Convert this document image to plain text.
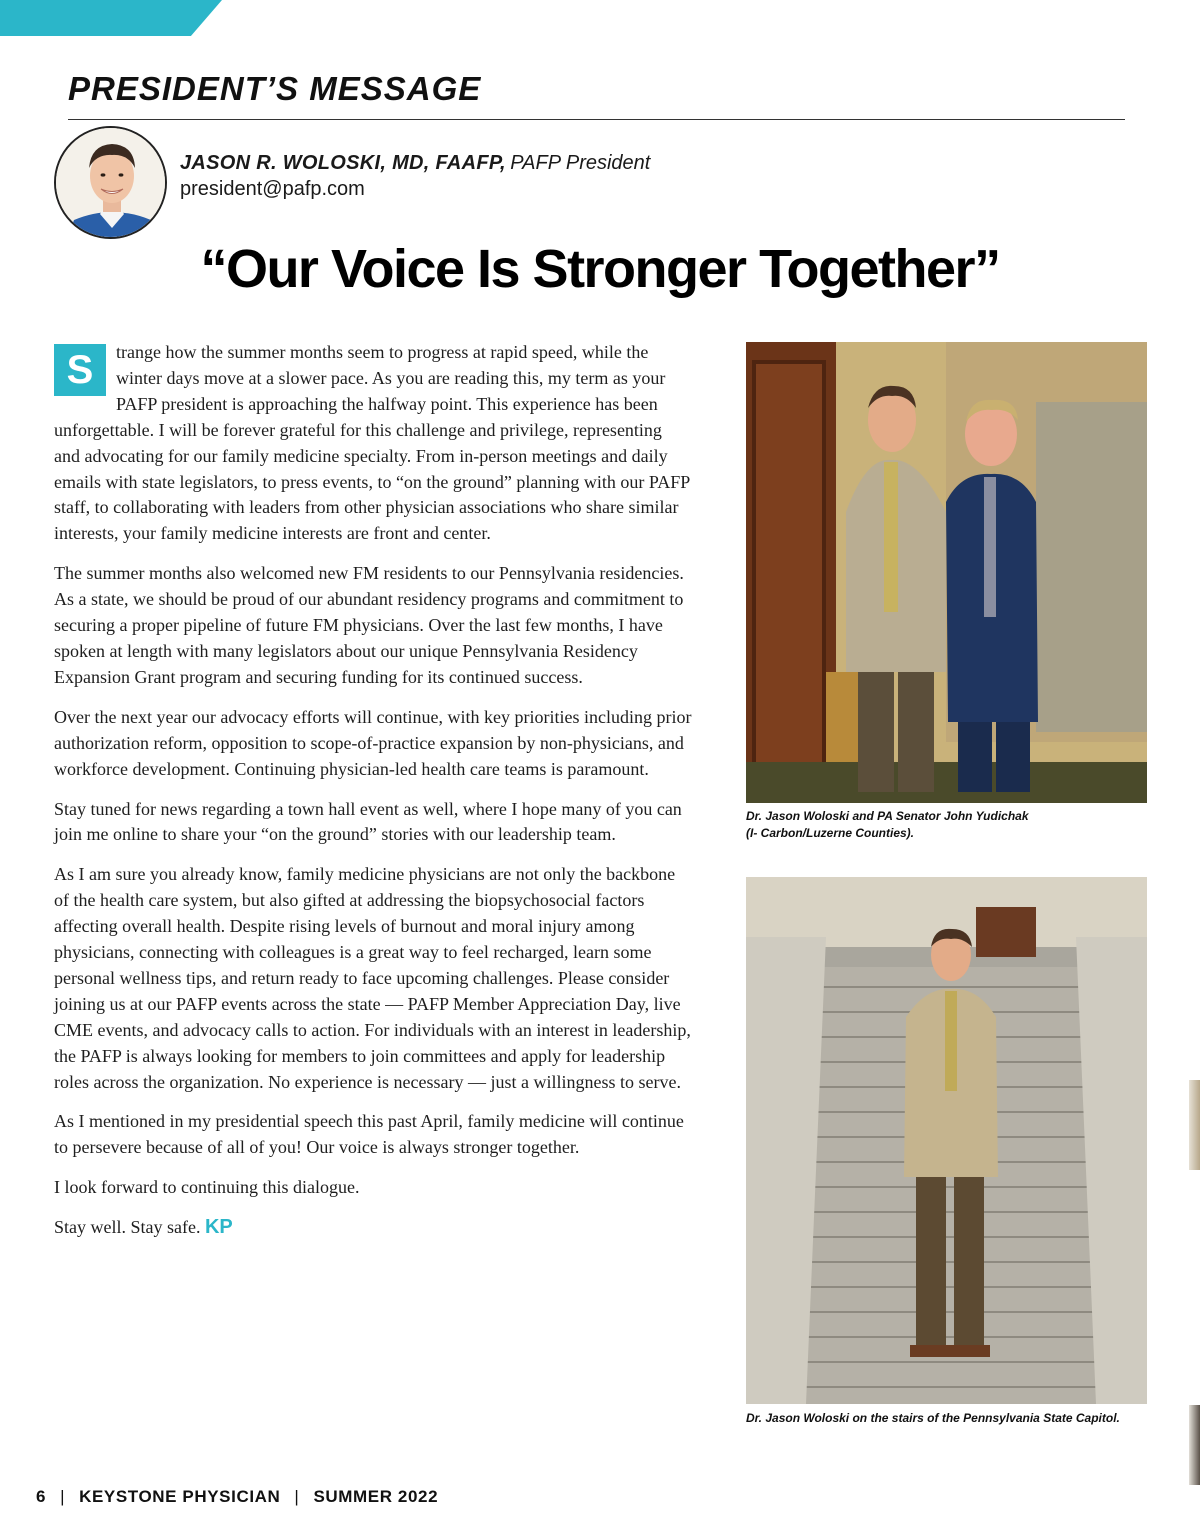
PRESIDENT’S MESSAGE
JASON R. WOLOSKI, MD, FAAFP, PAFP President
president@pafp.com
“Our Voice Is Stronger Together”

S	trange how the summer months seem to progress at rapid speed, while the winter days move at a slower pace. As you are reading this, my term as your PAFP president is approaching the halfway point. This experience has been unforgettable. I will be forever grateful for this challenge and privilege, representing and advocating for our family medicine specialty. From in-person meetings and daily emails with state legislators, to press events, to “on the ground” planning with our PAFP staff, to collaborating with leaders from other physician associations who share similar interests, your family medicine interests are front and center.

The summer months also welcomed new FM residents to our Pennsylvania residencies. As a state, we should be proud of our abundant residency programs and commitment to securing a proper pipeline of future FM physicians. Over the last few months, I have spoken at length with many legislators about our unique Pennsylvania Residency Expansion Grant program and securing funding for its continued success.

Over the next year our advocacy efforts will continue, with key priorities including prior authorization reform, opposition to scope-of-practice expansion by non-physicians, and workforce development. Continuing physician-led health care teams is paramount.

Stay tuned for news regarding a town hall event as well, where I hope many of you can join me online to share your “on the ground” stories with our leadership team.

As I am sure you already know, family medicine physicians are not only the backbone of the health care system, but also gifted at addressing the biopsychosocial factors affecting overall health. Despite rising levels of burnout and moral injury among physicians, connecting with colleagues is a great way to feel recharged, learn some personal wellness tips, and return ready to face upcoming challenges. Please consider joining us at our PAFP events across the state — PAFP Member Appreciation Day, live CME events, and advocacy calls to action. For individuals with an interest in leadership, the PAFP is always looking for members to join committees and apply for leadership roles across the organization. No experience is necessary — just a willingness to serve.

As I mentioned in my presidential speech this past April, family medicine will continue to persevere because of all of you! Our voice is always stronger together.

I look forward to continuing this dialogue.

Stay well. Stay safe. KP

Dr. Jason Woloski and PA Senator John Yudichak
(I- Carbon/Luzerne Counties).
Dr. Jason Woloski on the stairs of the Pennsylvania State Capitol.
6 | KEYSTONE PHYSICIAN | SUMMER 2022
